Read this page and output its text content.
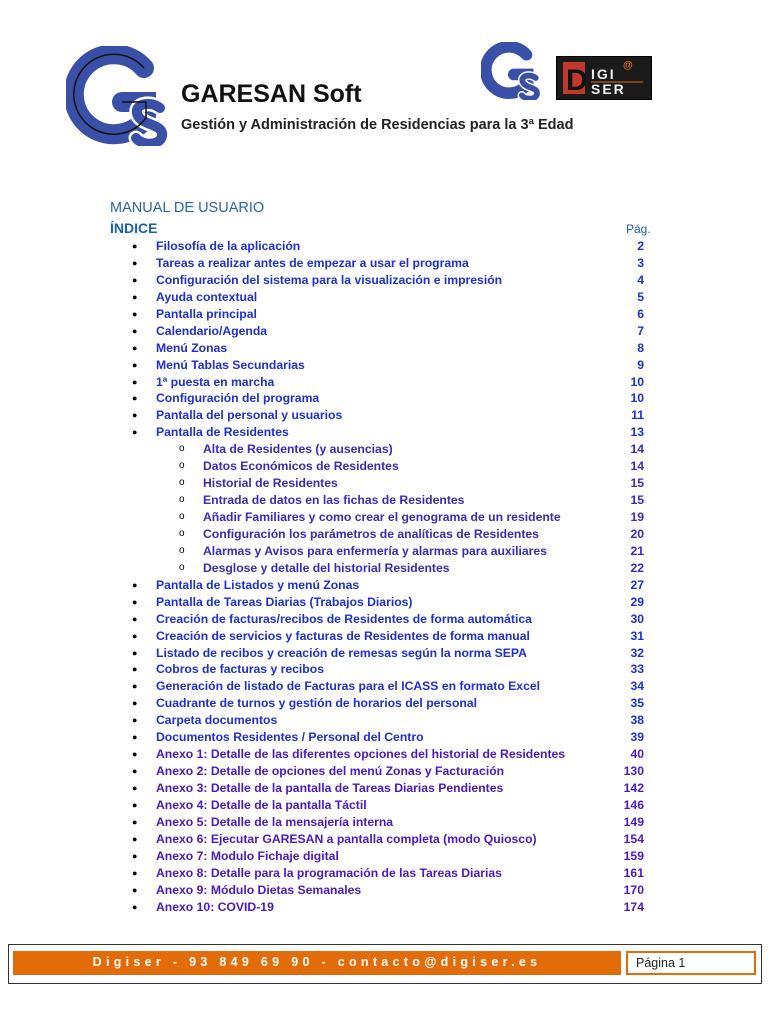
GARESAN Soft
Gestión y Administración de Residencias para la 3ª Edad
D IGI
SER
@
MANUAL DE USUARIO
ÍNDICE	Pág.
● Filosofía de la aplicación	2
● Tareas a realizar antes de empezar a usar el programa	3
● Configuración del sistema para la visualización e impresión	4
● Ayuda contextual	5
● Pantalla principal	6
● Calendario/Agenda	7
● Menú Zonas	8
● Menú Tablas Secundarias	9
● 1ª puesta en marcha	10
● Configuración del programa	10
● Pantalla del personal y usuarios	11
● Pantalla de Residentes	13
o Alta de Residentes (y ausencias)	14
o Datos Económicos de Residentes	14
o Historial de Residentes	15
o Entrada de datos en las fichas de Residentes	15
o Añadir Familiares y como crear el genograma de un residente	19
o Configuración los parámetros de analíticas de Residentes	20
o Alarmas y Avisos para enfermería y alarmas para auxiliares	21
o Desglose y detalle del historial Residentes	22
● Pantalla de Listados y menú Zonas	27
● Pantalla de Tareas Diarias (Trabajos Diarios)	29
● Creación de facturas/recibos de Residentes de forma automática	30
● Creación de servicios y facturas de Residentes de forma manual	31
● Listado de recibos y creación de remesas según la norma SEPA	32
● Cobros de facturas y recibos	33
● Generación de listado de Facturas para el ICASS en formato Excel	34
● Cuadrante de turnos y gestión de horarios del personal	35
● Carpeta documentos	38
● Documentos Residentes / Personal del Centro	39
● Anexo 1: Detalle de las diferentes opciones del historial de Residentes	40
● Anexo 2: Detalle de opciones del menú Zonas y Facturación	130
● Anexo 3: Detalle de la pantalla de Tareas Diarias Pendientes	142
● Anexo 4: Detalle de la pantalla Táctil	146
● Anexo 5: Detalle de la mensajería interna	149
● Anexo 6: Ejecutar GARESAN a pantalla completa (modo Quiosco)	154
● Anexo 7: Modulo Fichaje digital	159
● Anexo 8: Detalle para la programación de las Tareas Diarias	161
● Anexo 9: Módulo Dietas Semanales	170
● Anexo 10: COVID-19	174
Digiser - 93 849 69 90 - contacto@digiser.es	Página 1
